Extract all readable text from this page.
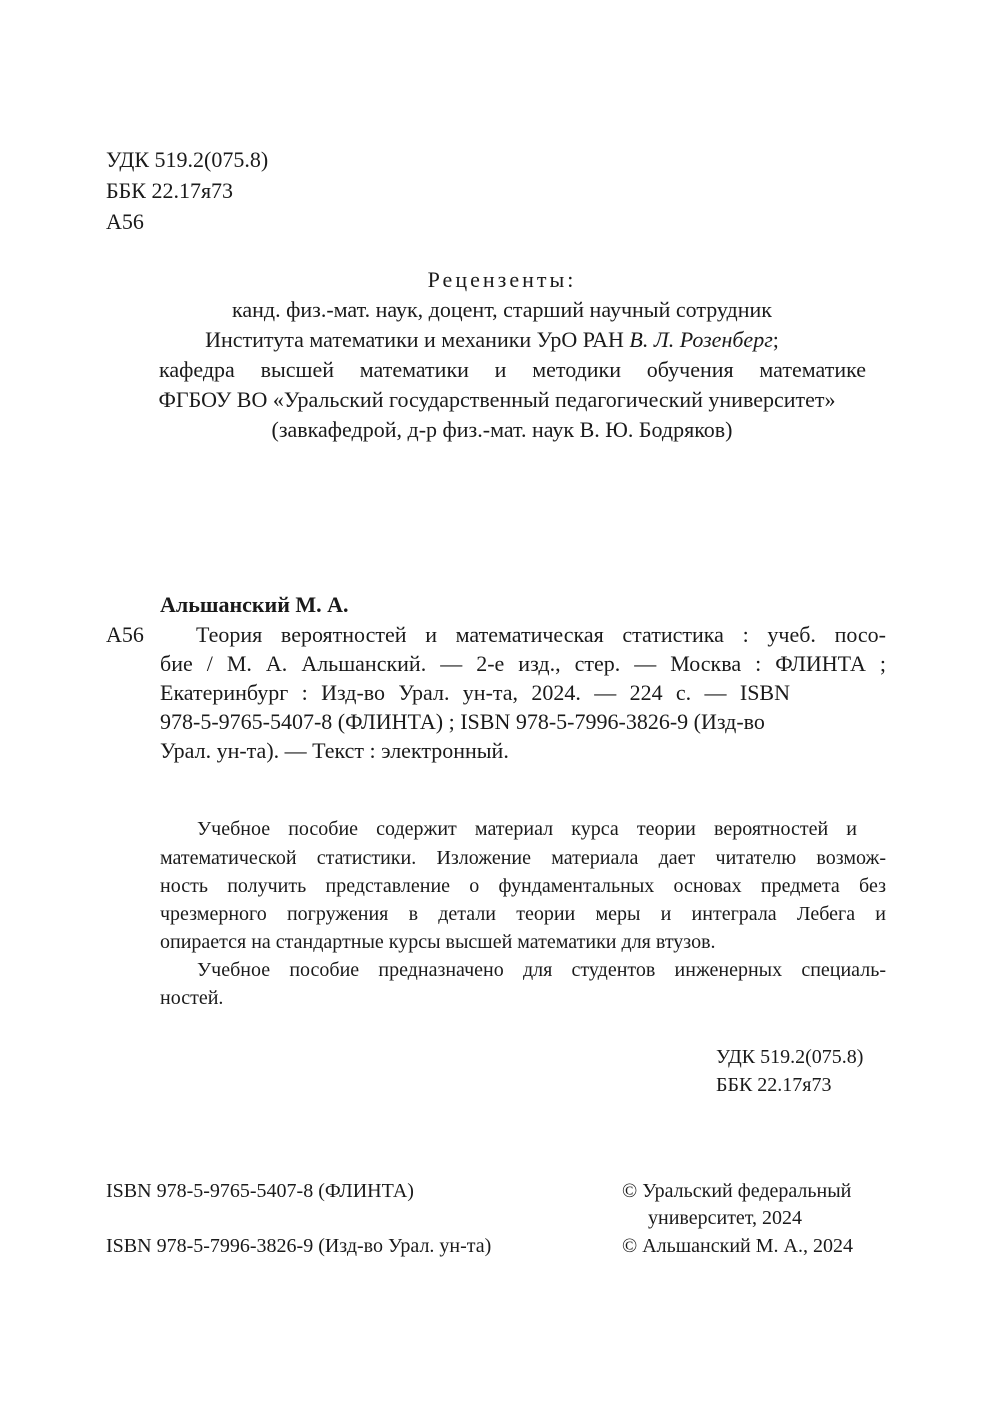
УДК 519.2(075.8)
ББК 22.17я73
А56
Рецензенты:
канд. физ.-мат. наук, доцент, старший научный сотрудник
Института математики и механики УрО РАН В. Л. Розенберг;
кафедра высшей математики и методики обучения математике
ФГБОУ ВО «Уральский государственный педагогический университет»
(завкафедрой, д-р физ.-мат. наук В. Ю. Бодряков)
Альшанский М. А.
А56 Теория вероятностей и математическая статистика : учеб. посо-
бие / М. А. Альшанский. — 2-е изд., стер. — Москва : ФЛИНТА ;
Екатеринбург : Изд-во Урал. ун-та, 2024. — 224 с. — ISBN
978-5-9765-5407-8 (ФЛИНТА) ; ISBN 978-5-7996-3826-9 (Изд-во
Урал. ун-та). — Текст : электронный.
Учебное пособие содержит материал курса теории вероятностей и
математической статистики. Изложение материала дает читателю возмож-
ность получить представление о фундаментальных основах предмета без
чрезмерного погружения в детали теории меры и интеграла Лебега и
опирается на стандартные курсы высшей математики для втузов.
Учебное пособие предназначено для студентов инженерных специаль-
ностей.
УДК 519.2(075.8)
ББК 22.17я73
ISBN 978-5-9765-5407-8 (ФЛИНТА)
ISBN 978-5-7996-3826-9 (Изд-во Урал. ун-та)
© Уральский федеральный
университет, 2024
© Альшанский М. А., 2024
